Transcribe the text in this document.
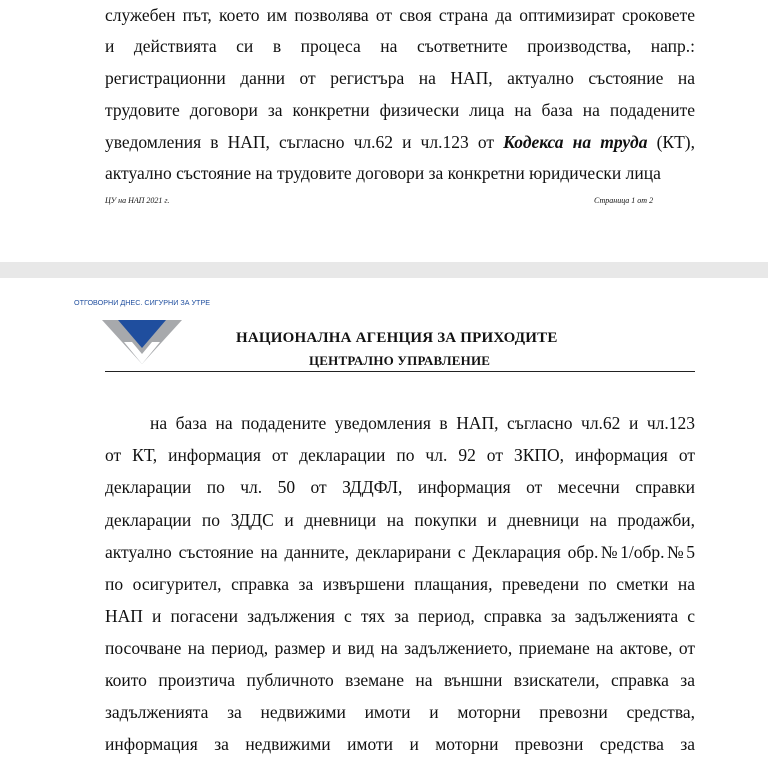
служебен път, което им позволява от своя страна да оптимизират сроковете
и действията си в процеса на съответните производства, напр.:
регистрационни данни от регистъра на НАП, актуално състояние на
трудовите договори за конкретни физически лица на база на подадените
уведомления в НАП, съгласно чл.62 и чл.123 от Кодекса на труда (КТ),
актуално състояние на трудовите договори за конкретни юридически лица
ЦУ на НАП 2021 г.	Страница 1 от 2
ОТГОВОРНИ ДНЕС. СИГУРНИ ЗА УТРЕ
НАЦИОНАЛНА АГЕНЦИЯ ЗА ПРИХОДИТЕ
ЦЕНТРАЛНО УПРАВЛЕНИЕ
на база на подадените уведомления в НАП, съгласно чл.62 и чл.123
от КТ, информация от декларации по чл. 92 от ЗКПО, информация от
декларации по чл. 50 от ЗДДФЛ, информация от месечни справки
декларации по ЗДДС и дневници на покупки и дневници на продажби,
актуално състояние на данните, декларирани с Декларация обр.№1/обр.№5
по осигурител, справка за извършени плащания, преведени по сметки на
НАП и погасени задължения с тях за период, справка за задълженията с
посочване на период, размер и вид на задължението, приемане на актове, от
които произтича публичното вземане на външни взискатели, справка за
задълженията за недвижими имоти и моторни превозни средства,
информация за недвижими имоти и моторни превозни средства за
